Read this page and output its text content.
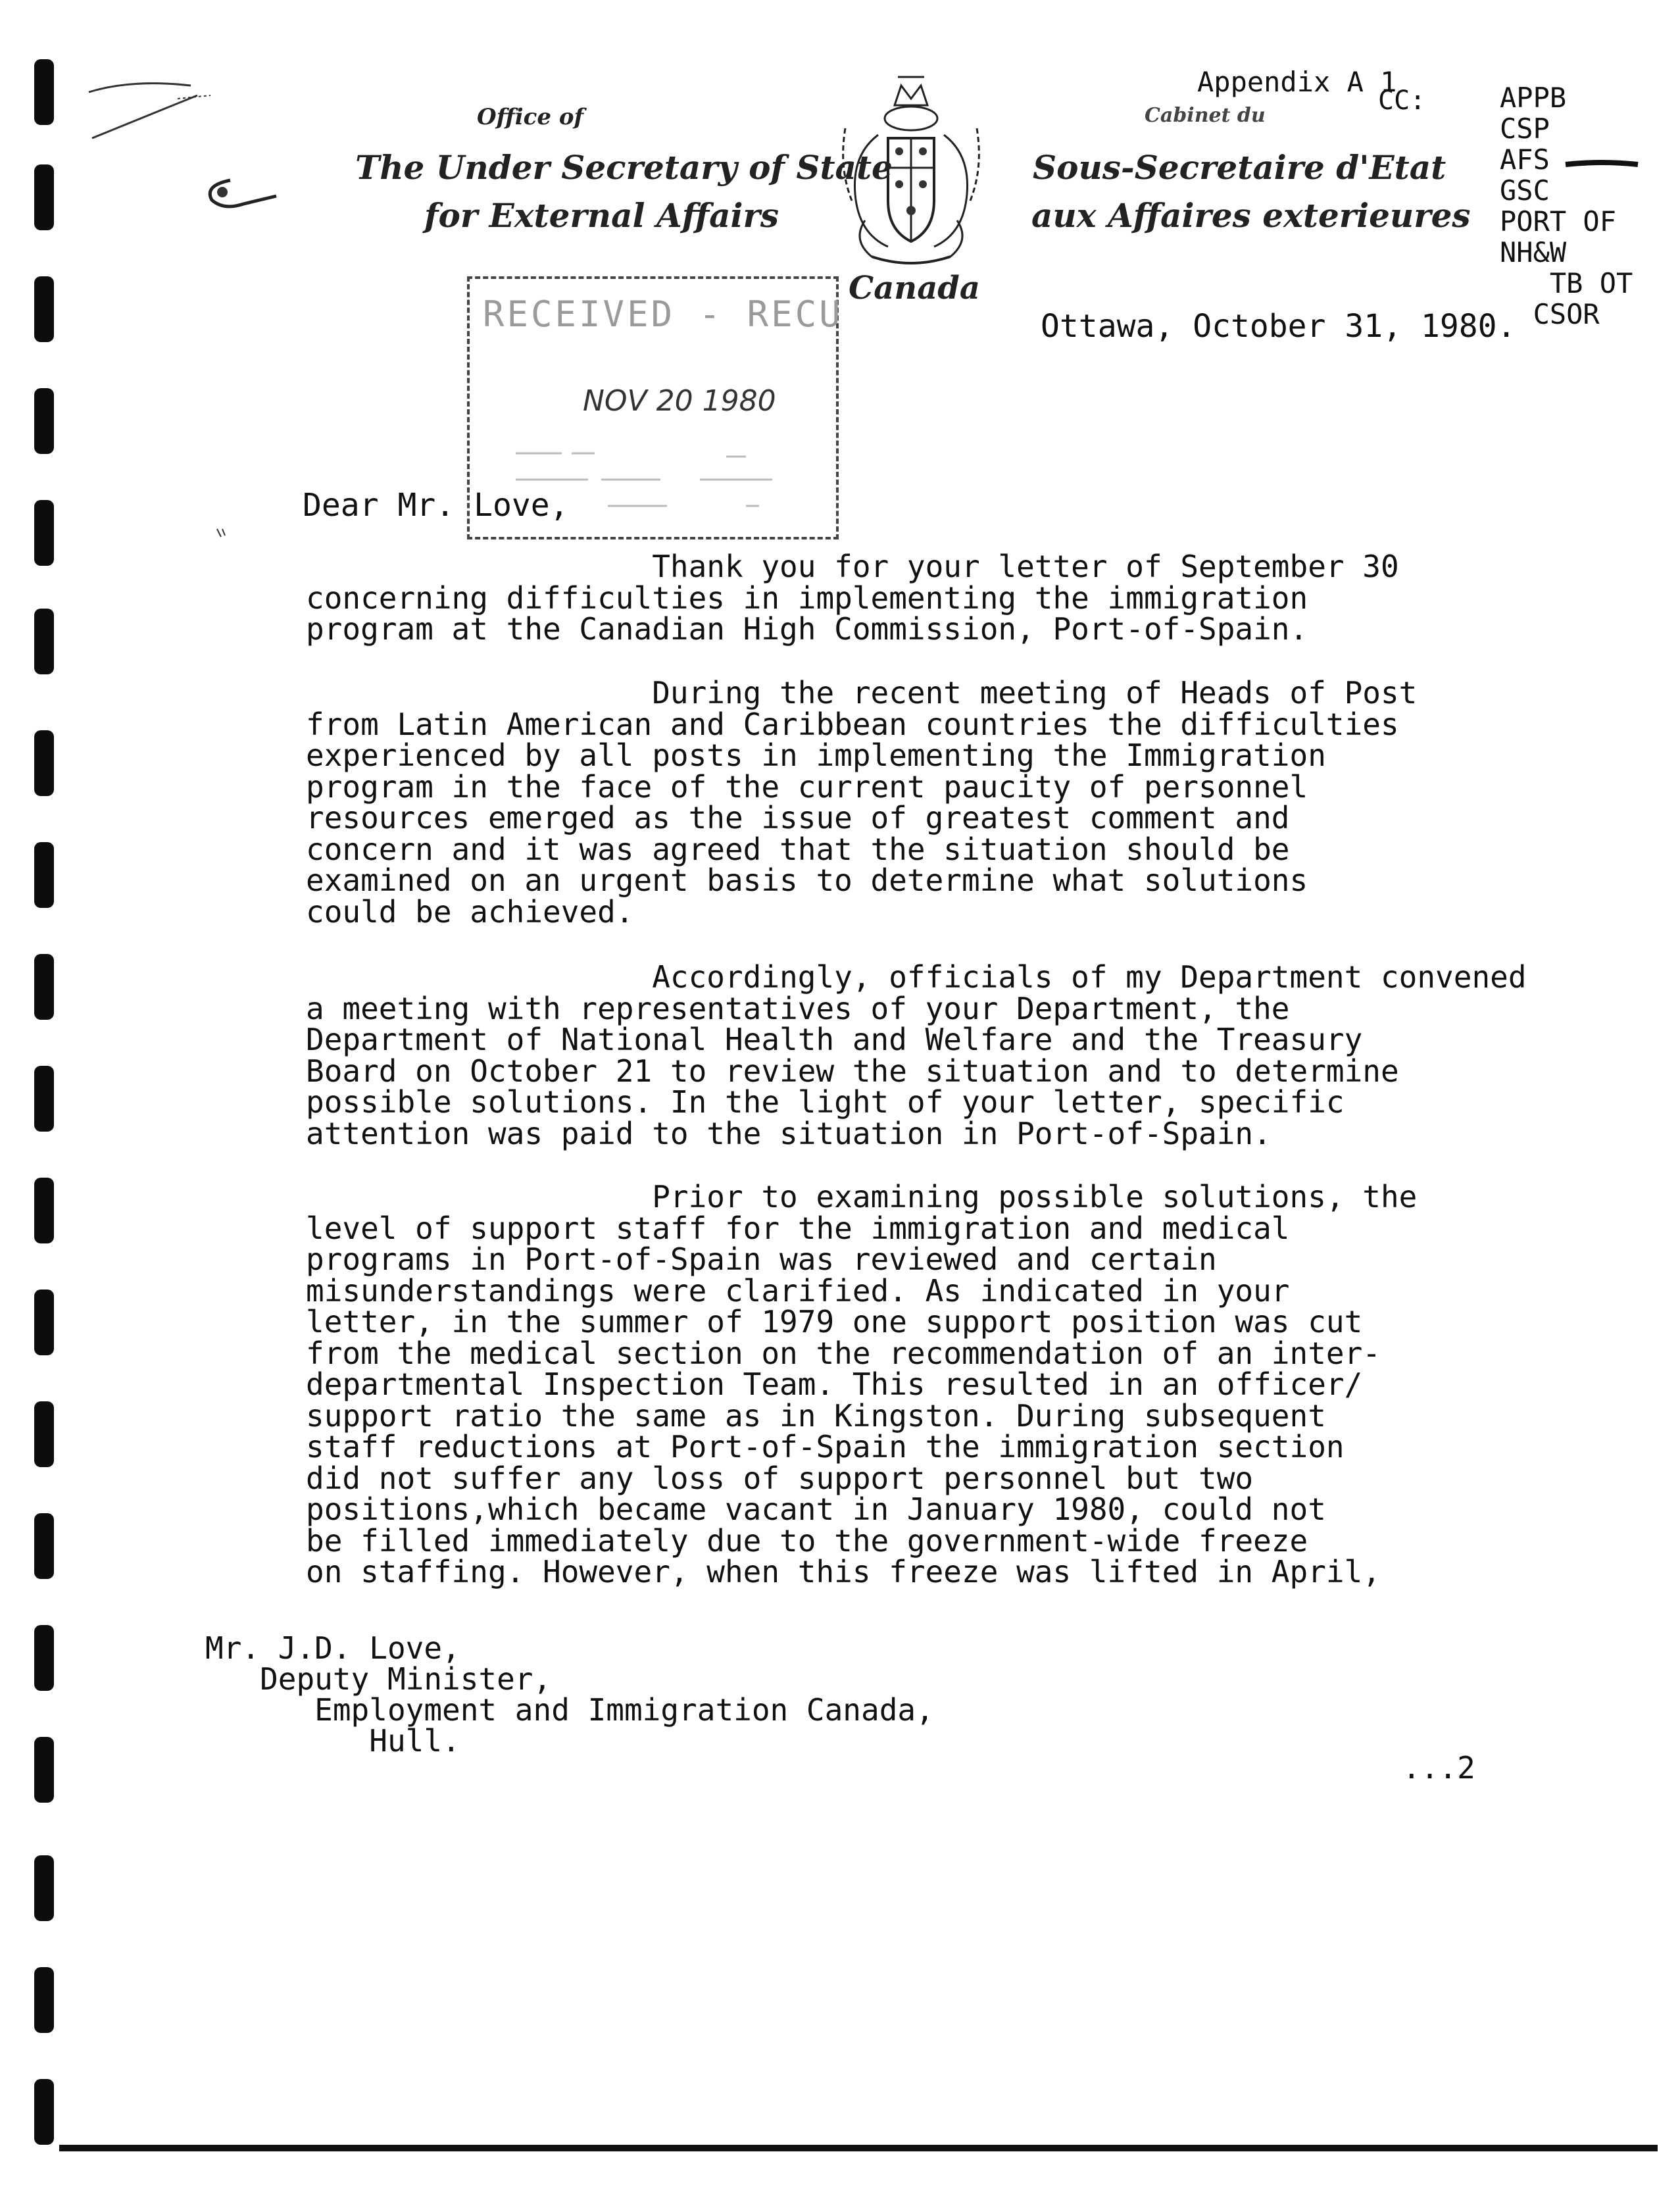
Office of
The Under Secretary of State
for External Affairs
Canada
Cabinet du
Sous-Secretaire d'Etat
aux Affaires exterieures
Appendix A 1
CC:	APPB
CSP
AFS
GSC
PORT OF
NH&W
TB OT
CSOR
Ottawa, October 31, 1980.
RECEIVED - RECU
NOV 20 1980

Dear Mr. Love,
Thank you for your letter of September 30
concerning difficulties in implementing the immigration
program at the Canadian High Commission, Port-of-Spain.
During the recent meeting of Heads of Post
from Latin American and Caribbean countries the difficulties
experienced by all posts in implementing the Immigration
program in the face of the current paucity of personnel
resources emerged as the issue of greatest comment and
concern and it was agreed that the situation should be
examined on an urgent basis to determine what solutions
could be achieved.
Accordingly, officials of my Department convened
a meeting with representatives of your Department, the
Department of National Health and Welfare and the Treasury
Board on October 21 to review the situation and to determine
possible solutions. In the light of your letter, specific
attention was paid to the situation in Port-of-Spain.
Prior to examining possible solutions, the
level of support staff for the immigration and medical
programs in Port-of-Spain was reviewed and certain
misunderstandings were clarified. As indicated in your
letter, in the summer of 1979 one support position was cut
from the medical section on the recommendation of an inter-
departmental Inspection Team. This resulted in an officer/
support ratio the same as in Kingston. During subsequent
staff reductions at Port-of-Spain the immigration section
did not suffer any loss of support personnel but two
positions,which became vacant in January 1980, could not
be filled immediately due to the government-wide freeze
on staffing. However, when this freeze was lifted in April,
Mr. J.D. Love,
Deputy Minister,
Employment and Immigration Canada,
Hull.
...2
